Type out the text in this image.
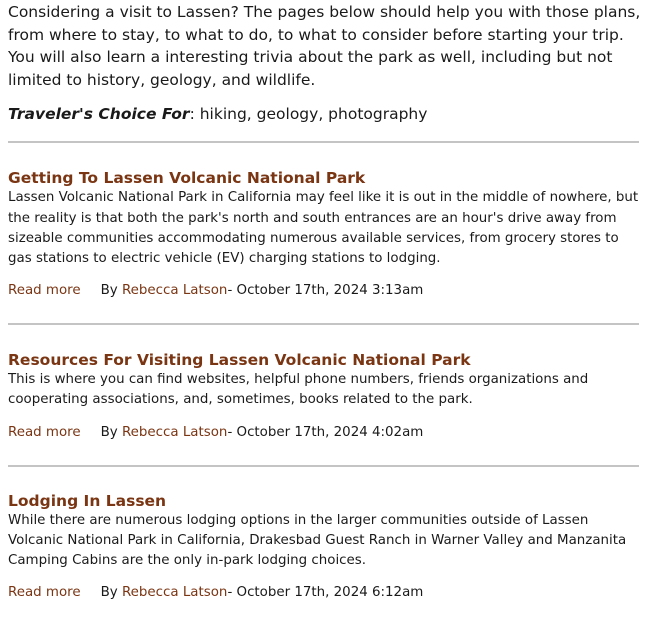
Considering a visit to Lassen? The pages below should help you with those plans, from where to stay, to what to do, to what to consider before starting your trip. You will also learn a interesting trivia about the park as well, including but not limited to history, geology, and wildlife.

Traveler's Choice For: hiking, geology, photography

Getting To Lassen Volcanic National Park

Lassen Volcanic National Park in California may feel like it is out in the middle of nowhere, but the reality is that both the park's north and south entrances are an hour's drive away from sizeable communities accommodating numerous available services, from grocery stores to gas stations to electric vehicle (EV) charging stations to lodging.

Read more By
Rebecca Latson - October 17th, 2024 3:13am
Resources For Visiting Lassen Volcanic National Park

This is where you can find websites, helpful phone numbers, friends organizations and cooperating associations, and, sometimes, books related to the park.

Read more By
Rebecca Latson - October 17th, 2024 4:02am
Lodging In Lassen

While there are numerous lodging options in the larger communities outside of Lassen Volcanic National Park in California, Drakesbad Guest Ranch in Warner Valley and Manzanita Camping Cabins are the only in-park lodging choices.

Read more By
Rebecca Latson - October 17th, 2024 6:12am
